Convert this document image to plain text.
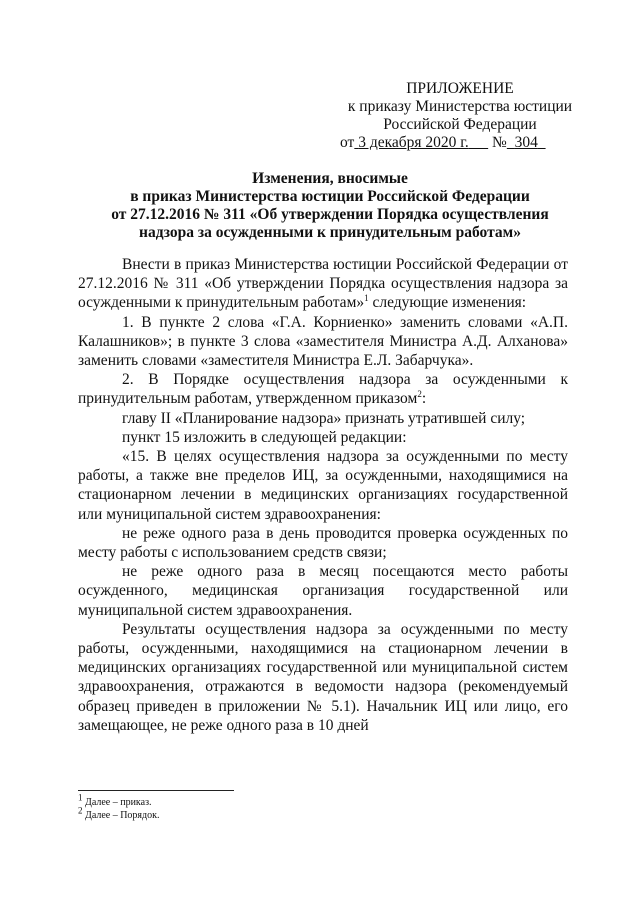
ПРИЛОЖЕНИЕ
к приказу Министерства юстиции
Российской Федерации
от 3 декабря 2020 г. № 304
Изменения, вносимые
в приказ Министерства юстиции Российской Федерации
от 27.12.2016 № 311 «Об утверждении Порядка осуществления
надзора за осужденными к принудительным работам»

Внести в приказ Министерства юстиции Российской Федерации от 27.12.2016 № 311 «Об утверждении Порядка осуществления надзора за осужденными к принудительным работам»$^1$ следующие изменения:

1. В пункте 2 слова «Г.А. Корниенко» заменить словами «А.П. Калашников»; в пункте 3 слова «заместителя Министра А.Д. Алханова» заменить словами «заместителя Министра Е.Л. Забарчука».

2. В Порядке осуществления надзора за осужденными к принудительным работам, утвержденном приказом$^2$:

главу II «Планирование надзора» признать утратившей силу;

пункт 15 изложить в следующей редакции:

«15. В целях осуществления надзора за осужденными по месту работы, а также вне пределов ИЦ, за осужденными, находящимися на стационарном лечении в медицинских организациях государственной или муниципальной систем здравоохранения:

не реже одного раза в день проводится проверка осужденных по месту работы с использованием средств связи;

не реже одного раза в месяц посещаются место работы осужденного, медицинская организация государственной или муниципальной систем здравоохранения.

Результаты осуществления надзора за осужденными по месту работы, осужденными, находящимися на стационарном лечении в медицинских организациях государственной или муниципальной систем здравоохранения, отражаются в ведомости надзора (рекомендуемый образец приведен в приложении № 5.1). Начальник ИЦ или лицо, его замещающее, не реже одного раза в 10 дней

$^1$ Далее – приказ.
$^2$ Далее – Порядок.
